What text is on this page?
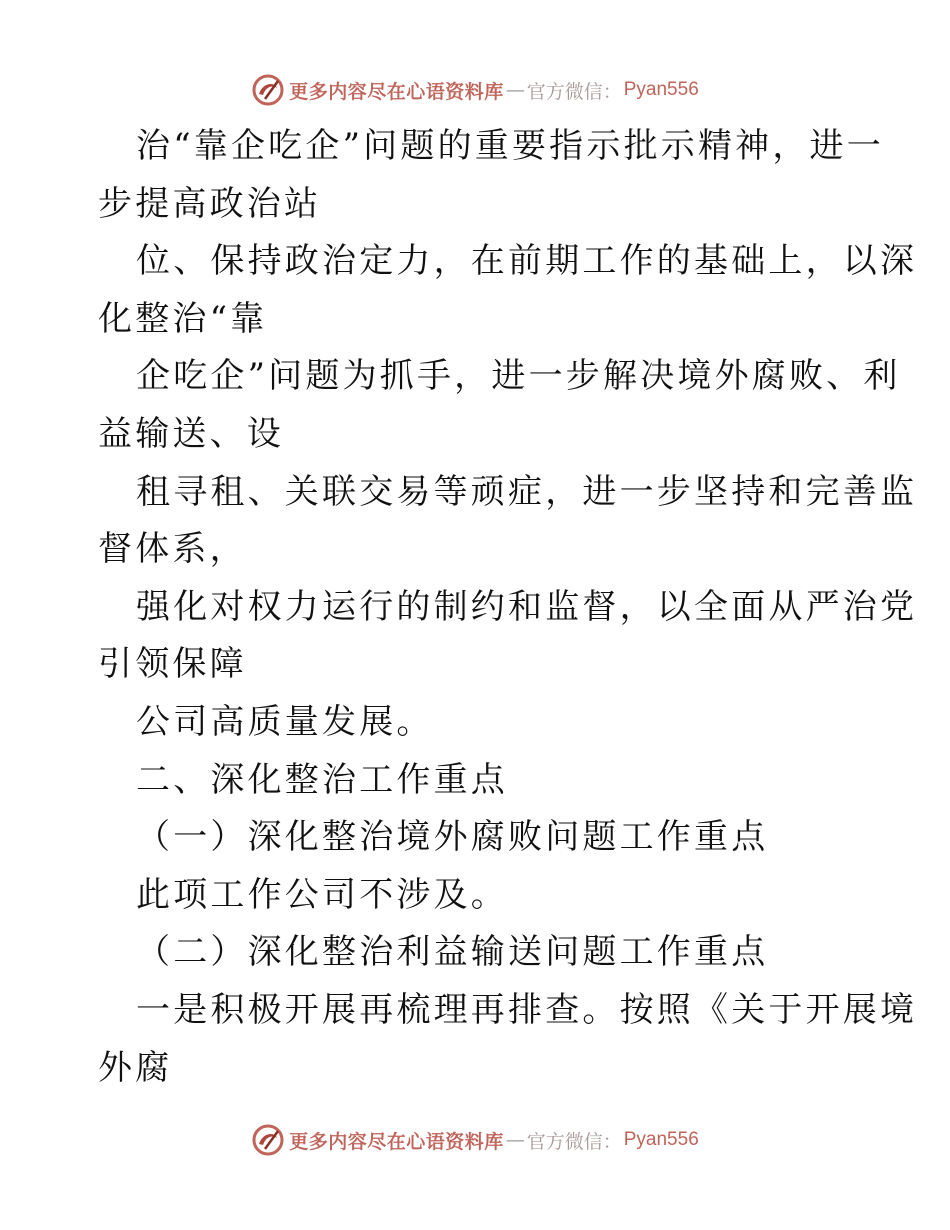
更多内容尽在心语资料库 — 官方微信： Pyan556
治“靠企吃企”问题的重要指示批示精神，进一
步提高政治站
位、保持政治定力，在前期工作的基础上，以深
化整治“靠
企吃企”问题为抓手，进一步解决境外腐败、利
益输送、设
租寻租、关联交易等顽症，进一步坚持和完善监
督体系，
强化对权力运行的制约和监督，以全面从严治党
引领保障
公司高质量发展。
二、深化整治工作重点
（一）深化整治境外腐败问题工作重点
此项工作公司不涉及。
（二）深化整治利益输送问题工作重点
一是积极开展再梳理再排查。按照《关于开展境
外腐
更多内容尽在心语资料库 — 官方微信： Pyan556
